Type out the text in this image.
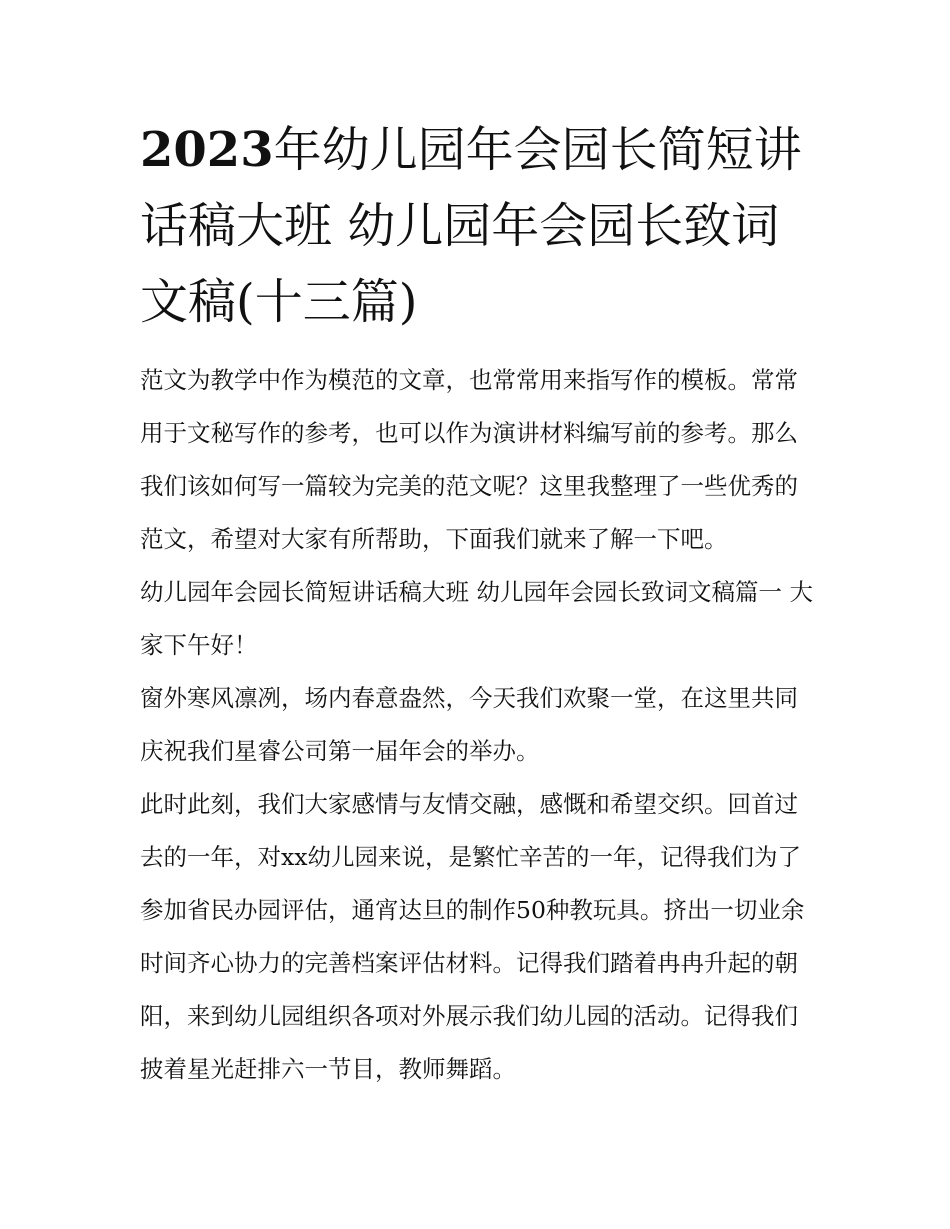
2023年幼儿园年会园长简短讲话稿大班 幼儿园年会园长致词文稿(十三篇)

范文为教学中作为模范的文章，也常常用来指写作的模板。常常用于文秘写作的参考，也可以作为演讲材料编写前的参考。那么我们该如何写一篇较为完美的范文呢？这里我整理了一些优秀的范文，希望对大家有所帮助，下面我们就来了解一下吧。

幼儿园年会园长简短讲话稿大班 幼儿园年会园长致词文稿篇一 大家下午好！

窗外寒风凛冽，场内春意盎然，今天我们欢聚一堂，在这里共同庆祝我们星睿公司第一届年会的举办。

此时此刻，我们大家感情与友情交融，感慨和希望交织。回首过去的一年，对xx幼儿园来说，是繁忙辛苦的一年，记得我们为了参加省民办园评估，通宵达旦的制作50种教玩具。挤出一切业余时间齐心协力的完善档案评估材料。记得我们踏着冉冉升起的朝阳，来到幼儿园组织各项对外展示我们幼儿园的活动。记得我们披着星光赶排六一节目，教师舞蹈。
